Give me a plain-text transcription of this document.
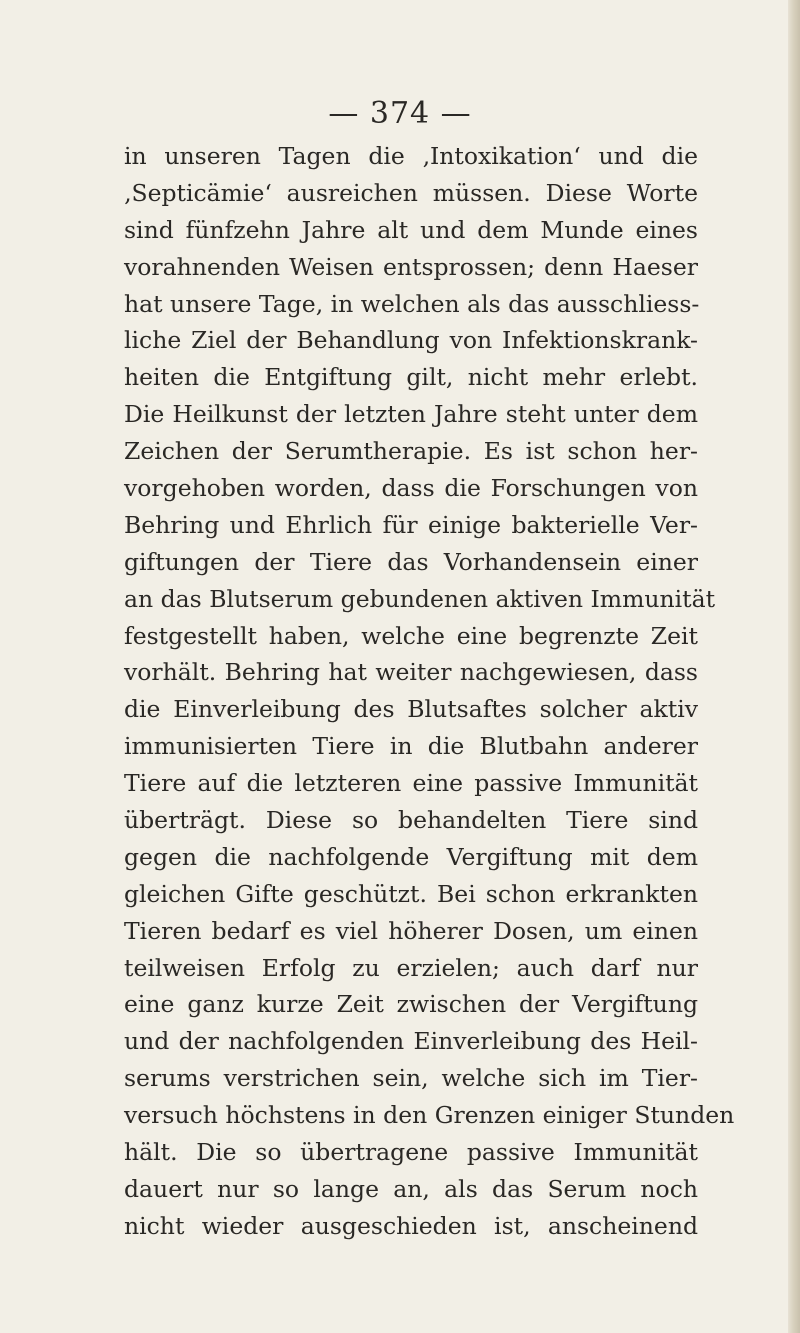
— 374 —
in unseren Tagen die ‚Intoxikation‘ und die
‚Septicämie‘ ausreichen müssen. Diese Worte
sind fünfzehn Jahre alt und dem Munde eines
vorahnenden Weisen entsprossen; denn Haeser
hat unsere Tage, in welchen als das ausschliess-
liche Ziel der Behandlung von Infektionskrank-
heiten die Entgiftung gilt, nicht mehr erlebt.
Die Heilkunst der letzten Jahre steht unter dem
Zeichen der Serumtherapie. Es ist schon her-
vorgehoben worden, dass die Forschungen von
Behring und Ehrlich für einige bakterielle Ver-
giftungen der Tiere das Vorhandensein einer
an das Blutserum gebundenen aktiven Immunität
festgestellt haben, welche eine begrenzte Zeit
vorhält. Behring hat weiter nachgewiesen, dass
die Einverleibung des Blutsaftes solcher aktiv
immunisierten Tiere in die Blutbahn anderer
Tiere auf die letzteren eine passive Immunität
überträgt. Diese so behandelten Tiere sind
gegen die nachfolgende Vergiftung mit dem
gleichen Gifte geschützt. Bei schon erkrankten
Tieren bedarf es viel höherer Dosen, um einen
teilweisen Erfolg zu erzielen; auch darf nur
eine ganz kurze Zeit zwischen der Vergiftung
und der nachfolgenden Einverleibung des Heil-
serums verstrichen sein, welche sich im Tier-
versuch höchstens in den Grenzen einiger Stunden
hält. Die so übertragene passive Immunität
dauert nur so lange an, als das Serum noch
nicht wieder ausgeschieden ist, anscheinend
